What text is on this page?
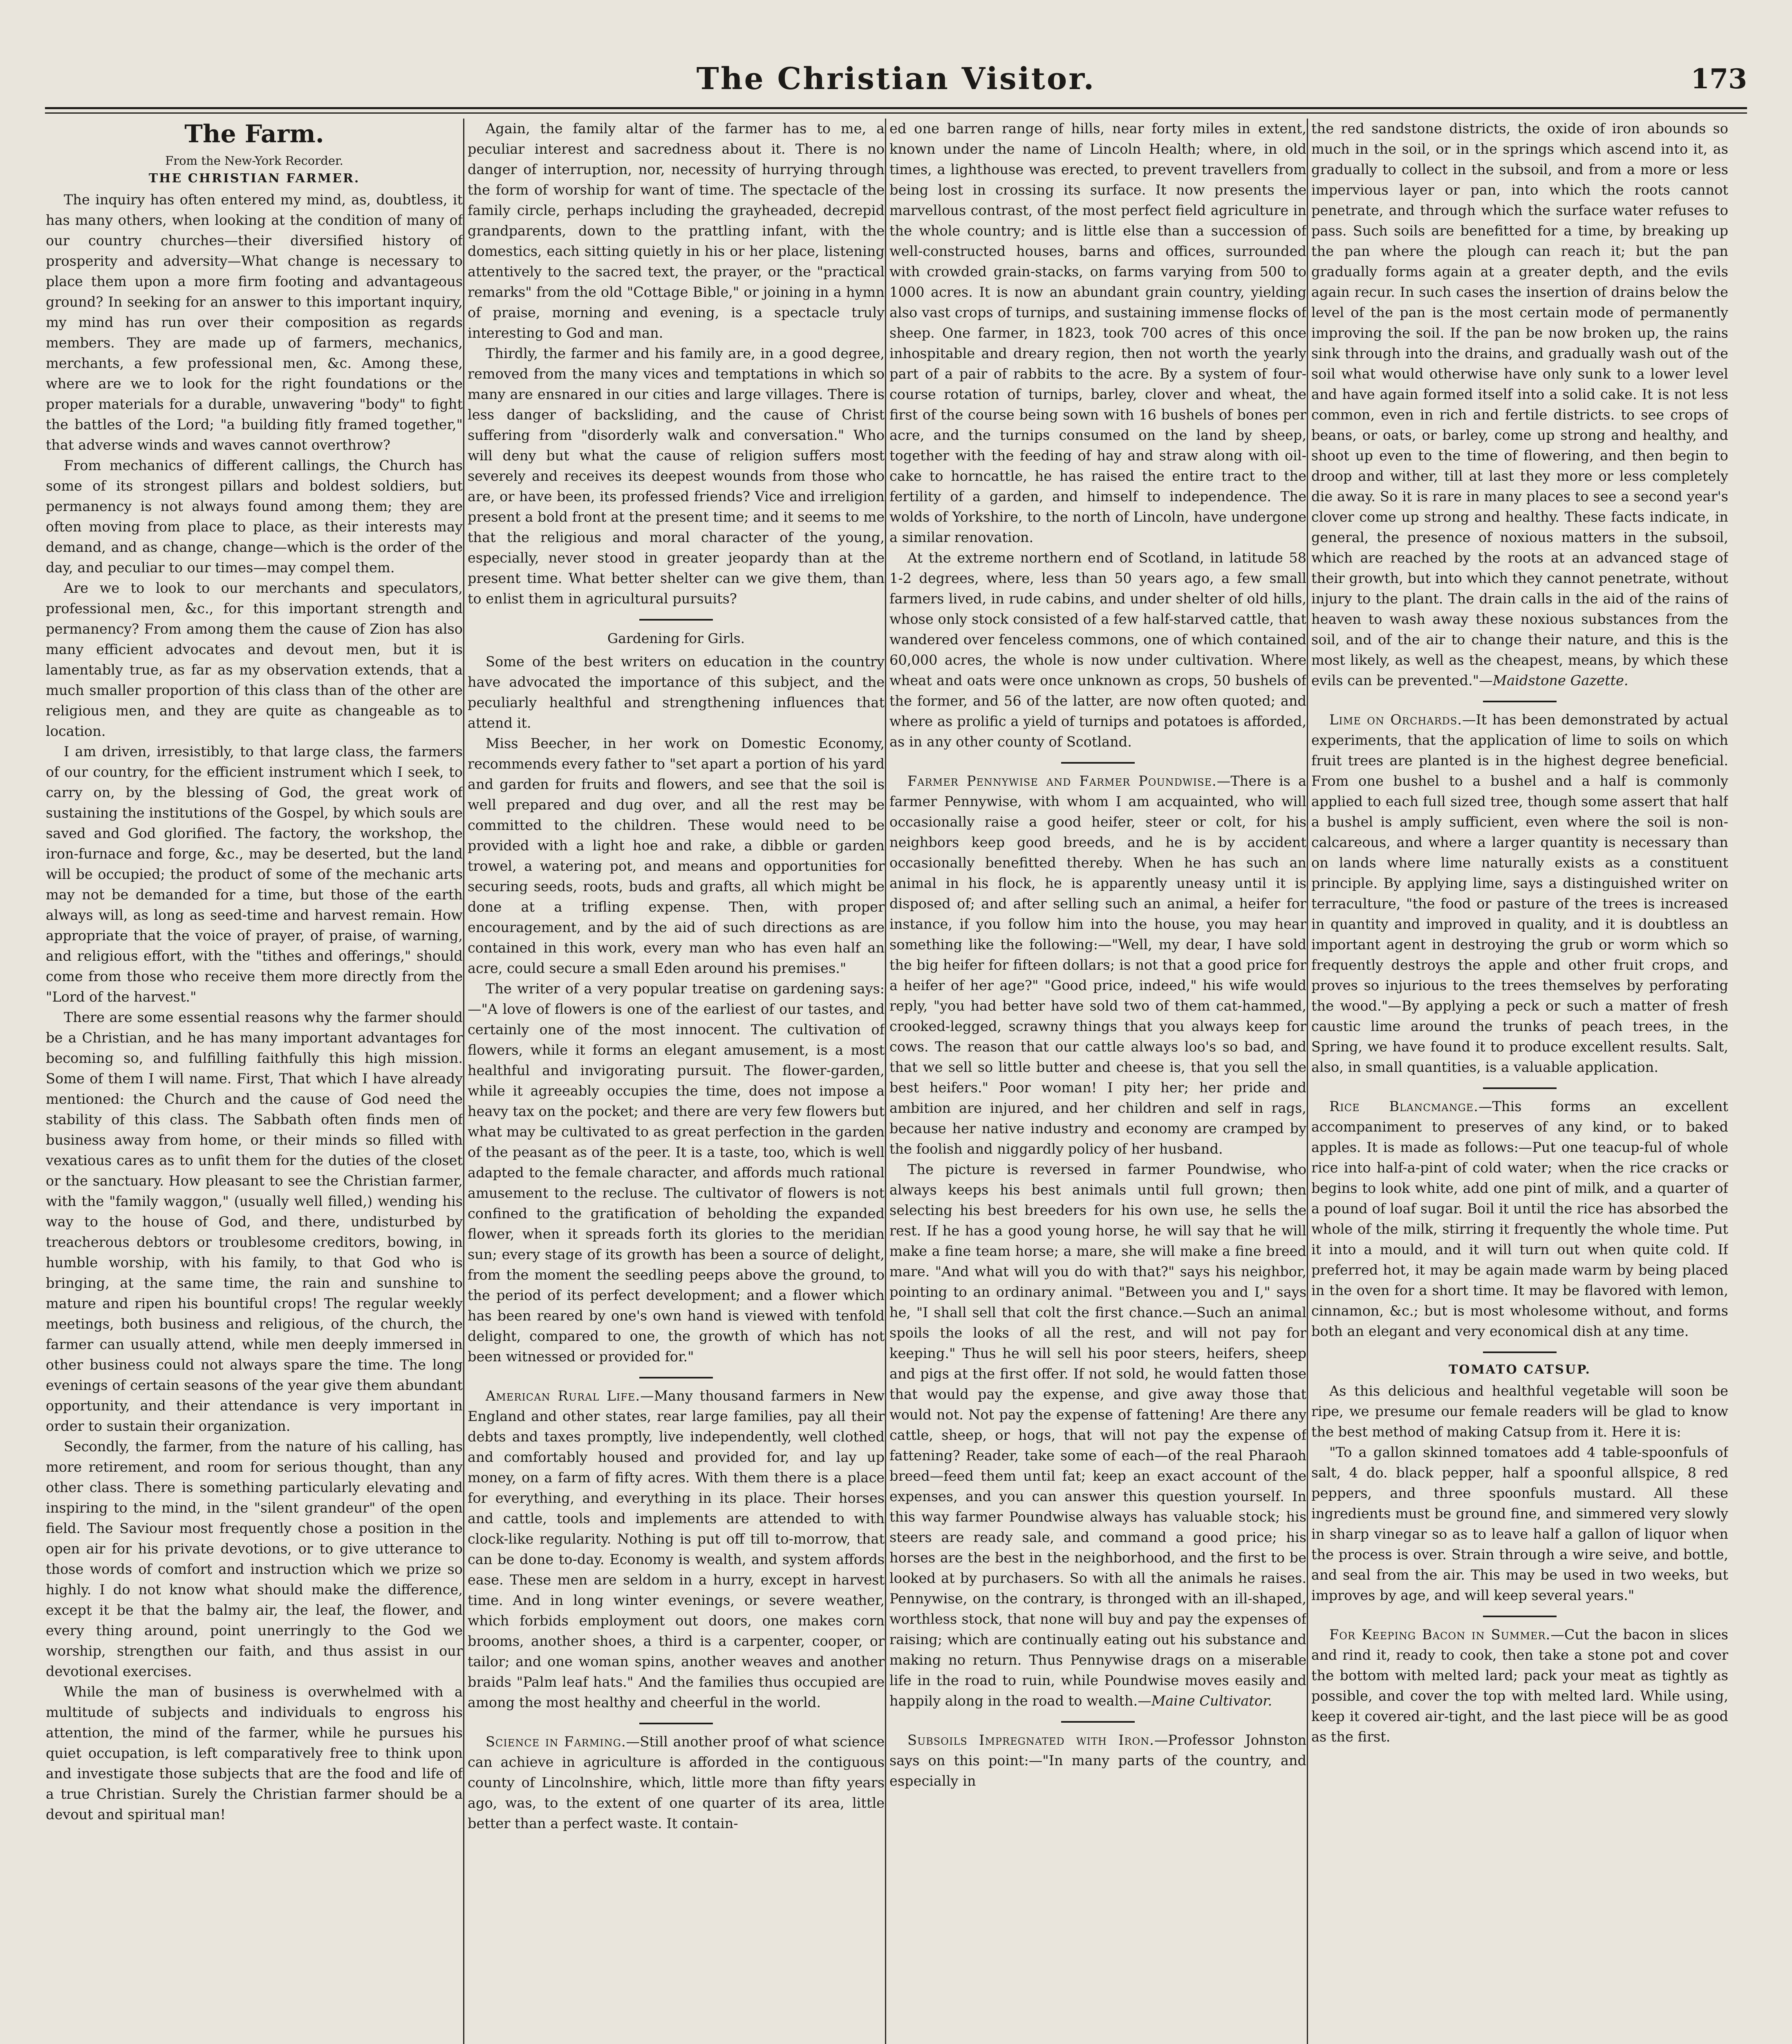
The Christian Visitor.	173
The Farm.
From the New-York Recorder.
THE CHRISTIAN FARMER.

The inquiry has often entered my mind, as, doubtless, it has many others, when looking at the condition of many of our country churches—their diversified history of prosperity and adversity—What change is necessary to place them upon a more firm footing and advantageous ground? In seeking for an answer to this important inquiry, my mind has run over their composition as regards members. They are made up of farmers, mechanics, merchants, a few professional men, &c. Among these, where are we to look for the right foundations or the proper materials for a durable, unwavering "body" to fight the battles of the Lord; "a building fitly framed together," that adverse winds and waves cannot overthrow?

From mechanics of different callings, the Church has some of its strongest pillars and boldest soldiers, but permanency is not always found among them; they are often moving from place to place, as their interests may demand, and as change, change—which is the order of the day, and peculiar to our times—may compel them.

Are we to look to our merchants and speculators, professional men, &c., for this important strength and permanency? From among them the cause of Zion has also many efficient advocates and devout men, but it is lamentably true, as far as my observation extends, that a much smaller proportion of this class than of the other are religious men, and they are quite as changeable as to location.

I am driven, irresistibly, to that large class, the farmers of our country, for the efficient instrument which I seek, to carry on, by the blessing of God, the great work of sustaining the institutions of the Gospel, by which souls are saved and God glorified. The factory, the workshop, the iron-furnace and forge, &c., may be deserted, but the land will be occupied; the product of some of the mechanic arts may not be demanded for a time, but those of the earth always will, as long as seed-time and harvest remain. How appropriate that the voice of prayer, of praise, of warning, and religious effort, with the "tithes and offerings," should come from those who receive them more directly from the "Lord of the harvest."

There are some essential reasons why the farmer should be a Christian, and he has many important advantages for becoming so, and fulfilling faithfully this high mission. Some of them I will name. First, That which I have already mentioned: the Church and the cause of God need the stability of this class. The Sabbath often finds men of business away from home, or their minds so filled with vexatious cares as to unfit them for the duties of the closet or the sanctuary. How pleasant to see the Christian farmer, with the "family waggon," (usually well filled,) wending his way to the house of God, and there, undisturbed by treacherous debtors or troublesome creditors, bowing, in humble worship, with his family, to that God who is bringing, at the same time, the rain and sunshine to mature and ripen his bountiful crops! The regular weekly meetings, both business and religious, of the church, the farmer can usually attend, while men deeply immersed in other business could not always spare the time. The long evenings of certain seasons of the year give them abundant opportunity, and their attendance is very important in order to sustain their organization.

Secondly, the farmer, from the nature of his calling, has more retirement, and room for serious thought, than any other class. There is something particularly elevating and inspiring to the mind, in the "silent grandeur" of the open field. The Saviour most frequently chose a position in the open air for his private devotions, or to give utterance to those words of comfort and instruction which we prize so highly. I do not know what should make the difference, except it be that the balmy air, the leaf, the flower, and every thing around, point unerringly to the God we worship, strengthen our faith, and thus assist in our devotional exercises.

While the man of business is overwhelmed with a multitude of subjects and individuals to engross his attention, the mind of the farmer, while he pursues his quiet occupation, is left comparatively free to think upon and investigate those subjects that are the food and life of a true Christian. Surely the Christian farmer should be a devout and spiritual man!

Again, the family altar of the farmer has to me, a peculiar interest and sacredness about it. There is no danger of interruption, nor, necessity of hurrying through the form of worship for want of time. The spectacle of the family circle, perhaps including the grayheaded, decrepid grandparents, down to the prattling infant, with the domestics, each sitting quietly in his or her place, listening attentively to the sacred text, the prayer, or the "practical remarks" from the old "Cottage Bible," or joining in a hymn of praise, morning and evening, is a spectacle truly interesting to God and man.

Thirdly, the farmer and his family are, in a good degree, removed from the many vices and temptations in which so many are ensnared in our cities and large villages. There is less danger of backsliding, and the cause of Christ suffering from "disorderly walk and conversation." Who will deny but what the cause of religion suffers most severely and receives its deepest wounds from those who are, or have been, its professed friends? Vice and irreligion present a bold front at the present time; and it seems to me that the religious and moral character of the young, especially, never stood in greater jeopardy than at the present time. What better shelter can we give them, than to enlist them in agricultural pursuits?

Gardening for Girls.

Some of the best writers on education in the country have advocated the importance of this subject, and the peculiarly healthful and strengthening influences that attend it.

Miss Beecher, in her work on Domestic Economy, recommends every father to "set apart a portion of his yard and garden for fruits and flowers, and see that the soil is well prepared and dug over, and all the rest may be committed to the children. These would need to be provided with a light hoe and rake, a dibble or garden trowel, a watering pot, and means and opportunities for securing seeds, roots, buds and grafts, all which might be done at a trifling expense. Then, with proper encouragement, and by the aid of such directions as are contained in this work, every man who has even half an acre, could secure a small Eden around his premises."

The writer of a very popular treatise on gardening says:—"A love of flowers is one of the earliest of our tastes, and certainly one of the most innocent. The cultivation of flowers, while it forms an elegant amusement, is a most healthful and invigorating pursuit. The flower-garden, while it agreeably occupies the time, does not impose a heavy tax on the pocket; and there are very few flowers but what may be cultivated to as great perfection in the garden of the peasant as of the peer. It is a taste, too, which is well adapted to the female character, and affords much rational amusement to the recluse. The cultivator of flowers is not confined to the gratification of beholding the expanded flower, when it spreads forth its glories to the meridian sun; every stage of its growth has been a source of delight, from the moment the seedling peeps above the ground, to the period of its perfect development; and a flower which has been reared by one's own hand is viewed with tenfold delight, compared to one, the growth of which has not been witnessed or provided for."

American Rural Life.—Many thousand farmers in New England and other states, rear large families, pay all their debts and taxes promptly, live independently, well clothed and comfortably housed and provided for, and lay up money, on a farm of fifty acres. With them there is a place for everything, and everything in its place. Their horses and cattle, tools and implements are attended to with clock-like regularity. Nothing is put off till to-morrow, that can be done to-day. Economy is wealth, and system affords ease. These men are seldom in a hurry, except in harvest time. And in long winter evenings, or severe weather, which forbids employment out doors, one makes corn brooms, another shoes, a third is a carpenter, cooper, or tailor; and one woman spins, another weaves and another braids "Palm leaf hats." And the families thus occupied are among the most healthy and cheerful in the world.

Science in Farming.—Still another proof of what science can achieve in agriculture is afforded in the contiguous county of Lincolnshire, which, little more than fifty years ago, was, to the extent of one quarter of its area, little better than a perfect waste. It contain-

ed one barren range of hills, near forty miles in extent, known under the name of Lincoln Health; where, in old times, a lighthouse was erected, to prevent travellers from being lost in crossing its surface. It now presents the marvellous contrast, of the most perfect field agriculture in the whole country; and is little else than a succession of well-constructed houses, barns and offices, surrounded with crowded grain-stacks, on farms varying from 500 to 1000 acres. It is now an abundant grain country, yielding also vast crops of turnips, and sustaining immense flocks of sheep. One farmer, in 1823, took 700 acres of this once inhospitable and dreary region, then not worth the yearly part of a pair of rabbits to the acre. By a system of four-course rotation of turnips, barley, clover and wheat, the first of the course being sown with 16 bushels of bones per acre, and the turnips consumed on the land by sheep, together with the feeding of hay and straw along with oil-cake to horncattle, he has raised the entire tract to the fertility of a garden, and himself to independence. The wolds of Yorkshire, to the north of Lincoln, have undergone a similar renovation.

At the extreme northern end of Scotland, in latitude 58 1-2 degrees, where, less than 50 years ago, a few small farmers lived, in rude cabins, and under shelter of old hills, whose only stock consisted of a few half-starved cattle, that wandered over fenceless commons, one of which contained 60,000 acres, the whole is now under cultivation. Where wheat and oats were once unknown as crops, 50 bushels of the former, and 56 of the latter, are now often quoted; and where as prolific a yield of turnips and potatoes is afforded, as in any other county of Scotland.

Farmer Pennywise and Farmer Poundwise.—There is a farmer Pennywise, with whom I am acquainted, who will occasionally raise a good heifer, steer or colt, for his neighbors keep good breeds, and he is by accident occasionally benefitted thereby. When he has such an animal in his flock, he is apparently uneasy until it is disposed of; and after selling such an animal, a heifer for instance, if you follow him into the house, you may hear something like the following:—"Well, my dear, I have sold the big heifer for fifteen dollars; is not that a good price for a heifer of her age?" "Good price, indeed," his wife would reply, "you had better have sold two of them cat-hammed, crooked-legged, scrawny things that you always keep for cows. The reason that our cattle always loo's so bad, and that we sell so little butter and cheese is, that you sell the best heifers." Poor woman! I pity her; her pride and ambition are injured, and her children and self in rags, because her native industry and economy are cramped by the foolish and niggardly policy of her husband.

The picture is reversed in farmer Poundwise, who always keeps his best animals until full grown; then selecting his best breeders for his own use, he sells the rest. If he has a good young horse, he will say that he will make a fine team horse; a mare, she will make a fine breed mare. "And what will you do with that?" says his neighbor, pointing to an ordinary animal. "Between you and I," says he, "I shall sell that colt the first chance.—Such an animal spoils the looks of all the rest, and will not pay for keeping." Thus he will sell his poor steers, heifers, sheep and pigs at the first offer. If not sold, he would fatten those that would pay the expense, and give away those that would not. Not pay the expense of fattening! Are there any cattle, sheep, or hogs, that will not pay the expense of fattening? Reader, take some of each—of the real Pharaoh breed—feed them until fat; keep an exact account of the expenses, and you can answer this question yourself. In this way farmer Poundwise always has valuable stock; his steers are ready sale, and command a good price; his horses are the best in the neighborhood, and the first to be looked at by purchasers. So with all the animals he raises. Pennywise, on the contrary, is thronged with an ill-shaped, worthless stock, that none will buy and pay the expenses of raising; which are continually eating out his substance and making no return. Thus Pennywise drags on a miserable life in the road to ruin, while Poundwise moves easily and happily along in the road to wealth.—Maine Cultivator.

Subsoils Impregnated with Iron.—Professor Johnston says on this point:—"In many parts of the country, and especially in

the red sandstone districts, the oxide of iron abounds so much in the soil, or in the springs which ascend into it, as gradually to collect in the subsoil, and from a more or less impervious layer or pan, into which the roots cannot penetrate, and through which the surface water refuses to pass. Such soils are benefitted for a time, by breaking up the pan where the plough can reach it; but the pan gradually forms again at a greater depth, and the evils again recur. In such cases the insertion of drains below the level of the pan is the most certain mode of permanently improving the soil. If the pan be now broken up, the rains sink through into the drains, and gradually wash out of the soil what would otherwise have only sunk to a lower level and have again formed itself into a solid cake. It is not less common, even in rich and fertile districts. to see crops of beans, or oats, or barley, come up strong and healthy, and shoot up even to the time of flowering, and then begin to droop and wither, till at last they more or less completely die away. So it is rare in many places to see a second year's clover come up strong and healthy. These facts indicate, in general, the presence of noxious matters in the subsoil, which are reached by the roots at an advanced stage of their growth, but into which they cannot penetrate, without injury to the plant. The drain calls in the aid of the rains of heaven to wash away these noxious substances from the soil, and of the air to change their nature, and this is the most likely, as well as the cheapest, means, by which these evils can be prevented."—Maidstone Gazette.

Lime on Orchards.—It has been demonstrated by actual experiments, that the application of lime to soils on which fruit trees are planted is in the highest degree beneficial. From one bushel to a bushel and a half is commonly applied to each full sized tree, though some assert that half a bushel is amply sufficient, even where the soil is non-calcareous, and where a larger quantity is necessary than on lands where lime naturally exists as a constituent principle. By applying lime, says a distinguished writer on terraculture, "the food or pasture of the trees is increased in quantity and improved in quality, and it is doubtless an important agent in destroying the grub or worm which so frequently destroys the apple and other fruit crops, and proves so injurious to the trees themselves by perforating the wood."—By applying a peck or such a matter of fresh caustic lime around the trunks of peach trees, in the Spring, we have found it to produce excellent results. Salt, also, in small quantities, is a valuable application.

Rice Blancmange.—This forms an excellent accompaniment to preserves of any kind, or to baked apples. It is made as follows:—Put one teacup-ful of whole rice into half-a-pint of cold water; when the rice cracks or begins to look white, add one pint of milk, and a quarter of a pound of loaf sugar. Boil it until the rice has absorbed the whole of the milk, stirring it frequently the whole time. Put it into a mould, and it will turn out when quite cold. If preferred hot, it may be again made warm by being placed in the oven for a short time. It may be flavored with lemon, cinnamon, &c.; but is most wholesome without, and forms both an elegant and very economical dish at any time.

TOMATO CATSUP.

As this delicious and healthful vegetable will soon be ripe, we presume our female readers will be glad to know the best method of making Catsup from it. Here it is:

"To a gallon skinned tomatoes add 4 table-spoonfuls of salt, 4 do. black pepper, half a spoonful allspice, 8 red peppers, and three spoonfuls mustard. All these ingredients must be ground fine, and simmered very slowly in sharp vinegar so as to leave half a gallon of liquor when the process is over. Strain through a wire seive, and bottle, and seal from the air. This may be used in two weeks, but improves by age, and will keep several years."

For Keeping Bacon in Summer.—Cut the bacon in slices and rind it, ready to cook, then take a stone pot and cover the bottom with melted lard; pack your meat as tightly as possible, and cover the top with melted lard. While using, keep it covered air-tight, and the last piece will be as good as the first.
